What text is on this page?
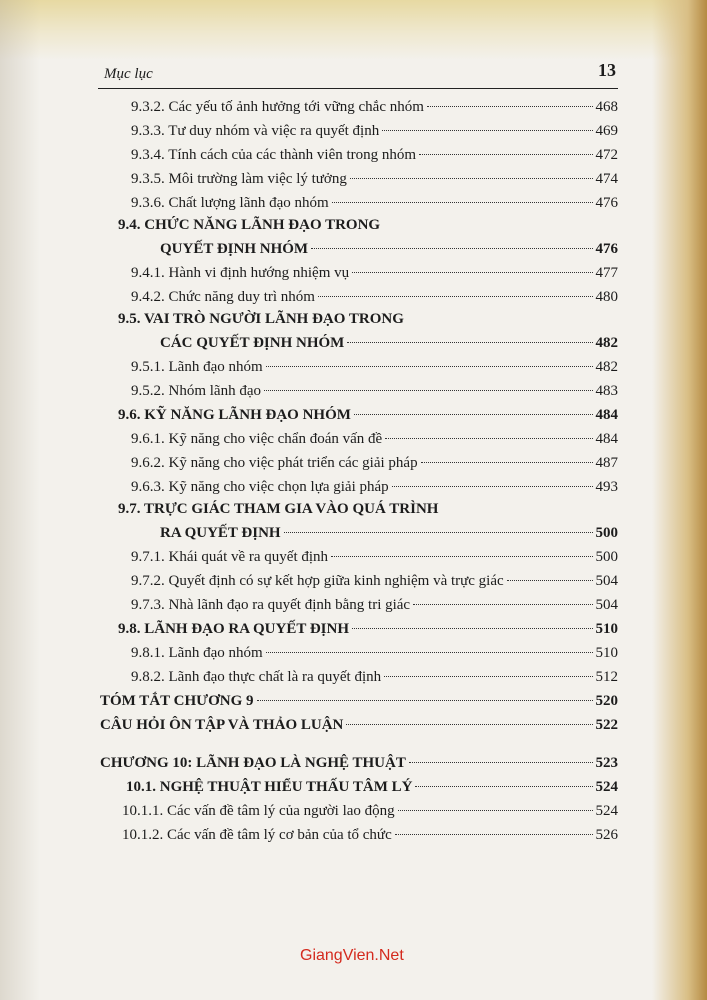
Mục lục	13
9.3.2. Các yếu tố ảnh hưởng tới vững chắc nhóm	468
9.3.3. Tư duy nhóm và việc ra quyết định	469
9.3.4. Tính cách của các thành viên trong nhóm	472
9.3.5. Môi trường làm việc lý tưởng	474
9.3.6. Chất lượng lãnh đạo nhóm	476
9.4. CHỨC NĂNG LÃNH ĐẠO TRONG
QUYẾT ĐỊNH NHÓM	476
9.4.1. Hành vi định hướng nhiệm vụ	477
9.4.2. Chức năng duy trì nhóm	480
9.5. VAI TRÒ NGƯỜI LÃNH ĐẠO TRONG
CÁC QUYẾT ĐỊNH NHÓM	482
9.5.1. Lãnh đạo nhóm	482
9.5.2. Nhóm lãnh đạo	483
9.6. KỸ NĂNG LÃNH ĐẠO NHÓM	484
9.6.1. Kỹ năng cho việc chẩn đoán vấn đề	484
9.6.2. Kỹ năng cho việc phát triển các giải pháp	487
9.6.3. Kỹ năng cho việc chọn lựa giải pháp	493
9.7. TRỰC GIÁC THAM GIA VÀO QUÁ TRÌNH
RA QUYẾT ĐỊNH	500
9.7.1. Khái quát về ra quyết định	500
9.7.2. Quyết định có sự kết hợp giữa kinh nghiệm và trực giác	504
9.7.3. Nhà lãnh đạo ra quyết định bằng tri giác	504
9.8. LÃNH ĐẠO RA QUYẾT ĐỊNH	510
9.8.1. Lãnh đạo nhóm	510
9.8.2. Lãnh đạo thực chất là ra quyết định	512
TÓM TẮT CHƯƠNG 9	520
CÂU HỎI ÔN TẬP VÀ THẢO LUẬN	522
CHƯƠNG 10: LÃNH ĐẠO LÀ NGHỆ THUẬT	523
10.1. NGHỆ THUẬT HIỂU THẤU TÂM LÝ	524
10.1.1. Các vấn đề tâm lý của người lao động	524
10.1.2. Các vấn đề tâm lý cơ bản của tổ chức	526
GiangVien.Net
